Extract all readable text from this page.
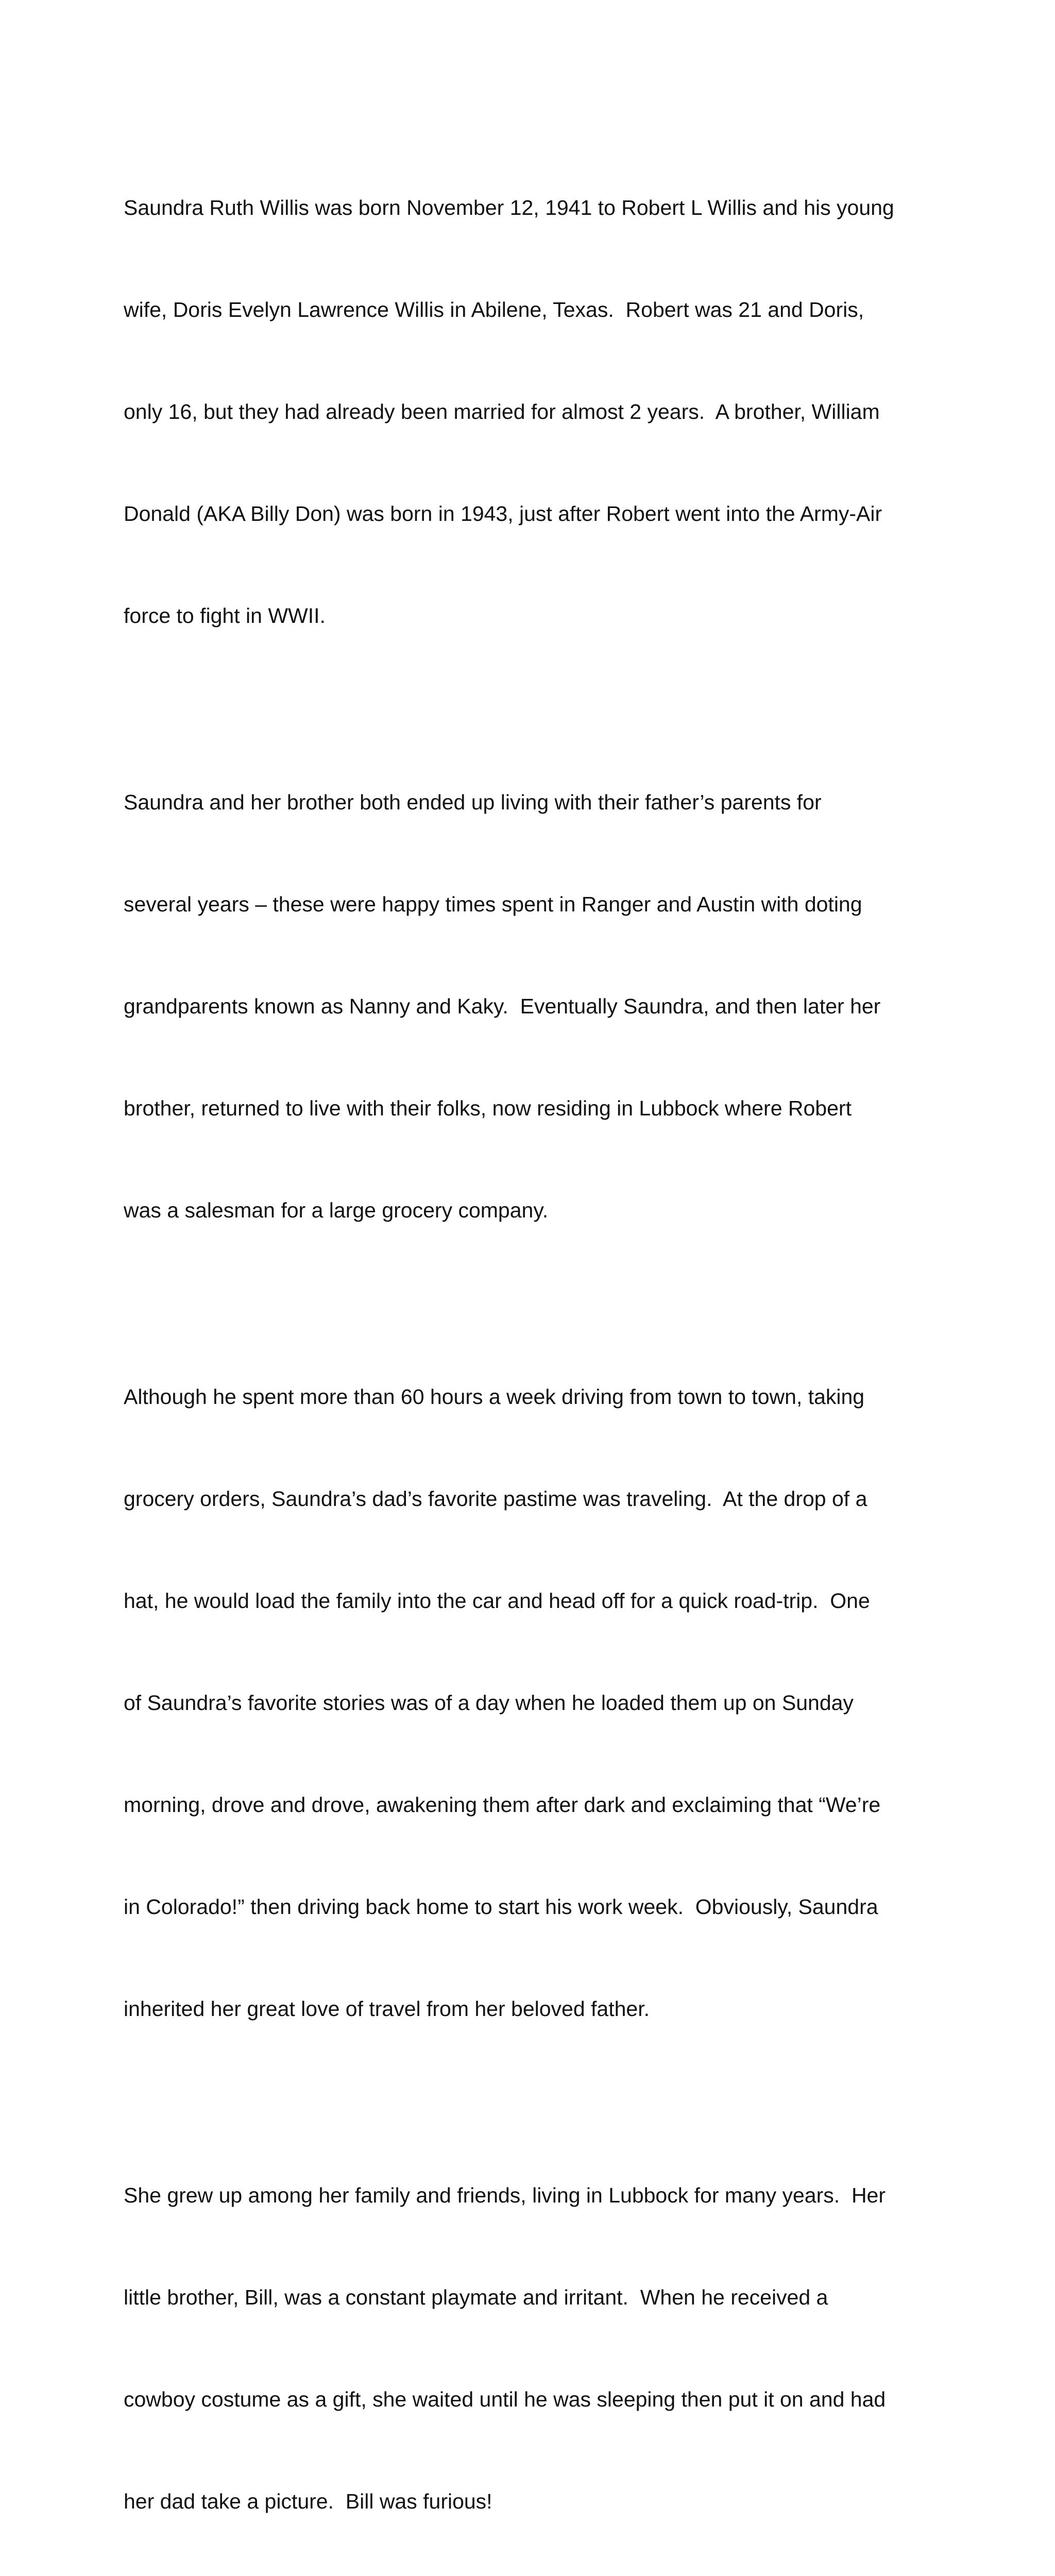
Saundra Ruth Willis was born November 12, 1941 to Robert L Willis and his young

wife, Doris Evelyn Lawrence Willis in Abilene, Texas.  Robert was 21 and Doris,

only 16, but they had already been married for almost 2 years.  A brother, William

Donald (AKA Billy Don) was born in 1943, just after Robert went into the Army-Air

force to fight in WWII.

Saundra and her brother both ended up living with their father’s parents for

several years – these were happy times spent in Ranger and Austin with doting

grandparents known as Nanny and Kaky.  Eventually Saundra, and then later her

brother, returned to live with their folks, now residing in Lubbock where Robert

was a salesman for a large grocery company.

Although he spent more than 60 hours a week driving from town to town, taking

grocery orders, Saundra’s dad’s favorite pastime was traveling.  At the drop of a

hat, he would load the family into the car and head off for a quick road-trip.  One

of Saundra’s favorite stories was of a day when he loaded them up on Sunday

morning, drove and drove, awakening them after dark and exclaiming that “We’re

in Colorado!” then driving back home to start his work week.  Obviously, Saundra

inherited her great love of travel from her beloved father.

She grew up among her family and friends, living in Lubbock for many years.  Her

little brother, Bill, was a constant playmate and irritant.  When he received a

cowboy costume as a gift, she waited until he was sleeping then put it on and had

her dad take a picture.  Bill was furious!
